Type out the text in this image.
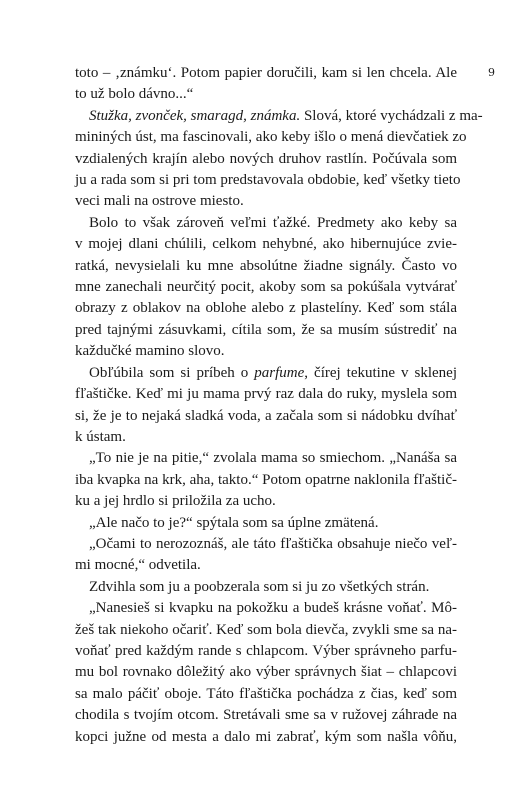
9

toto – ‚známku‘. Potom papier doručili, kam si len chcela. Ale
to už bolo dávno...“

Stužka, zvonček, smaragd, známka. Slová, ktoré vychádzali z ma-
mininých úst, ma fascinovali, ako keby išlo o mená dievčatiek zo
vzdialených krajín alebo nových druhov rastlín. Počúvala som
ju a rada som si pri tom predstavovala obdobie, keď všetky tieto
veci mali na ostrove miesto.

Bolo to však zároveň veľmi ťažké. Predmety ako keby sa
v mojej dlani chúlili, celkom nehybné, ako hibernujúce zvie-
ratká, nevysielali ku mne absolútne žiadne signály. Často vo
mne zanechali neurčitý pocit, akoby som sa pokúšala vytvárať
obrazy z oblakov na oblohe alebo z plastelíny. Keď som stála
pred tajnými zásuvkami, cítila som, že sa musím sústrediť na
každučké mamino slovo.

Obľúbila som si príbeh o parfume, čírej tekutine v sklenej
fľaštičke. Keď mi ju mama prvý raz dala do ruky, myslela som
si, že je to nejaká sladká voda, a začala som si nádobku dvíhať
k ústam.

„To nie je na pitie,“ zvolala mama so smiechom. „Nanáša sa
iba kvapka na krk, aha, takto.“ Potom opatrne naklonila fľaštič-
ku a jej hrdlo si priložila za ucho.

„Ale načo to je?“ spýtala som sa úplne zmätená.

„Očami to nerozoznáš, ale táto fľaštička obsahuje niečo veľ-
mi mocné,“ odvetila.

Zdvihla som ju a poobzerala som si ju zo všetkých strán.

„Nanesieš si kvapku na pokožku a budeš krásne voňať. Mô-
žeš tak niekoho očariť. Keď som bola dievča, zvykli sme sa na-
voňať pred každým rande s chlapcom. Výber správneho parfu-
mu bol rovnako dôležitý ako výber správnych šiat – chlapcovi
sa malo páčiť oboje. Táto fľaštička pochádza z čias, keď som
chodila s tvojím otcom. Stretávali sme sa v ružovej záhrade na
kopci južne od mesta a dalo mi zabrať, kým som našla vôňu,
